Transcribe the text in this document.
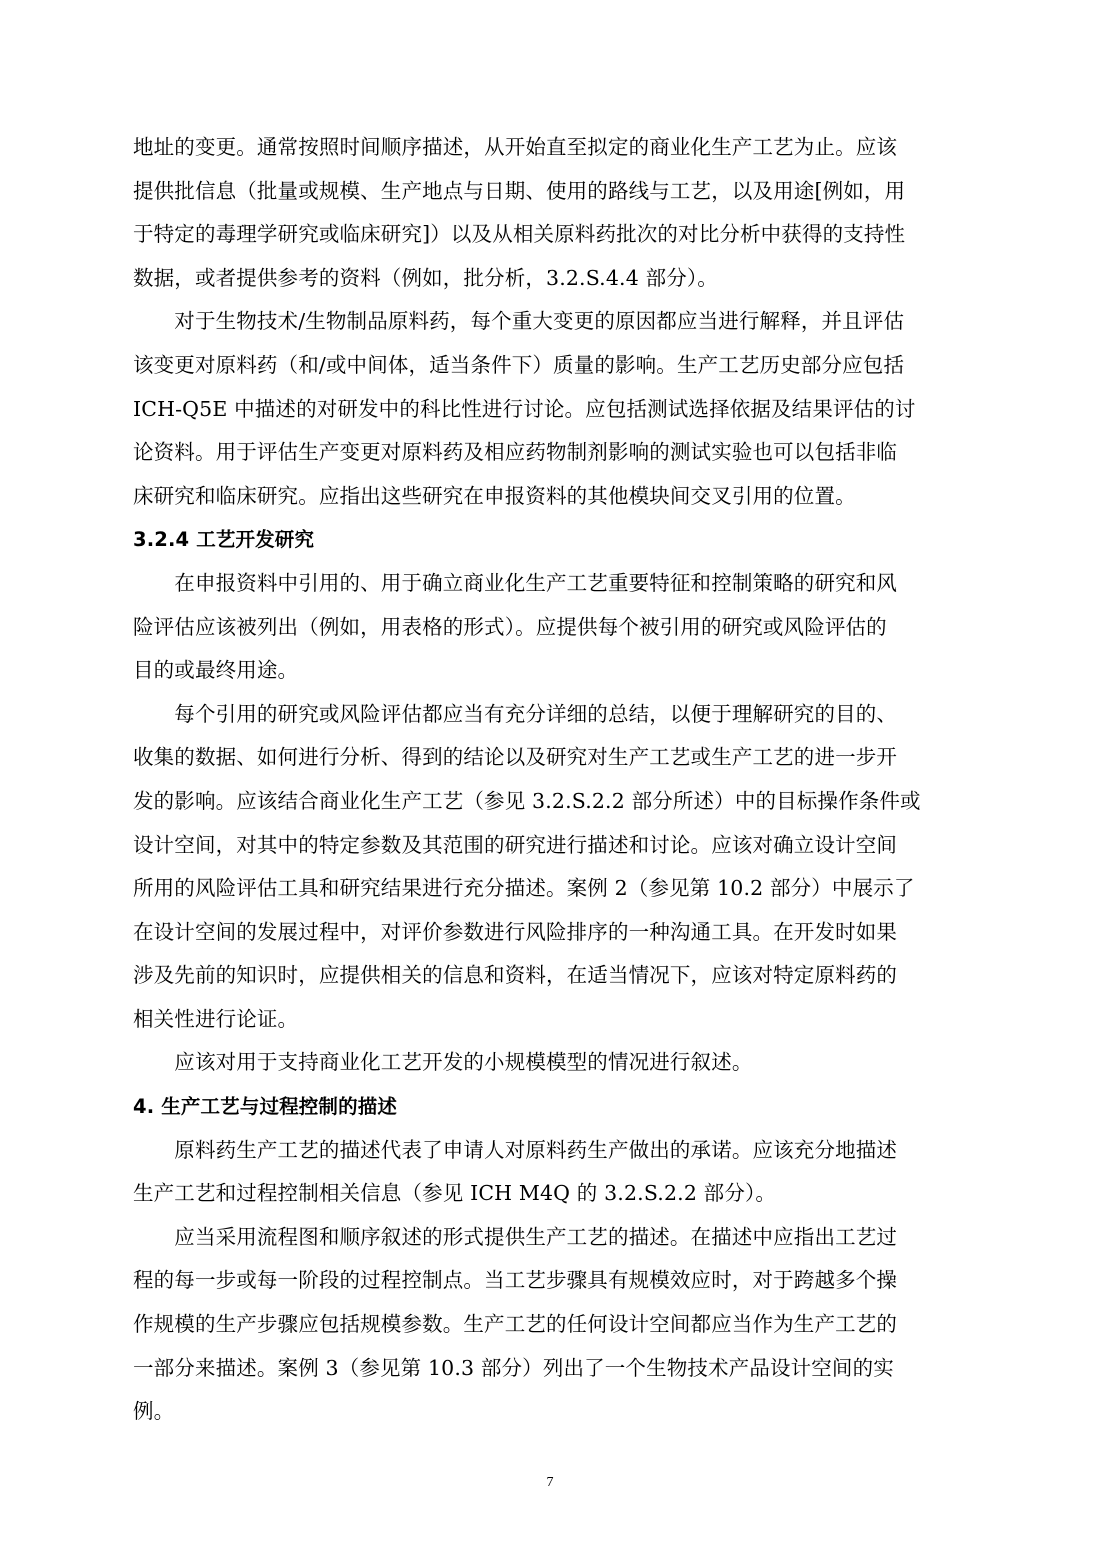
地址的变更。通常按照时间顺序描述，从开始直至拟定的商业化生产工艺为止。应该
提供批信息（批量或规模、生产地点与日期、使用的路线与工艺，以及用途[例如，用
于特定的毒理学研究或临床研究]）以及从相关原料药批次的对比分析中获得的支持性
数据，或者提供参考的资料（例如，批分析，3.2.S.4.4 部分）。
　　对于生物技术/生物制品原料药，每个重大变更的原因都应当进行解释，并且评估
该变更对原料药（和/或中间体，适当条件下）质量的影响。生产工艺历史部分应包括
ICH-Q5E 中描述的对研发中的科比性进行讨论。应包括测试选择依据及结果评估的讨
论资料。用于评估生产变更对原料药及相应药物制剂影响的测试实验也可以包括非临
床研究和临床研究。应指出这些研究在申报资料的其他模块间交叉引用的位置。
3.2.4 工艺开发研究
　　在申报资料中引用的、用于确立商业化生产工艺重要特征和控制策略的研究和风
险评估应该被列出（例如，用表格的形式）。应提供每个被引用的研究或风险评估的
目的或最终用途。
　　每个引用的研究或风险评估都应当有充分详细的总结，以便于理解研究的目的、
收集的数据、如何进行分析、得到的结论以及研究对生产工艺或生产工艺的进一步开
发的影响。应该结合商业化生产工艺（参见 3.2.S.2.2 部分所述）中的目标操作条件或
设计空间，对其中的特定参数及其范围的研究进行描述和讨论。应该对确立设计空间
所用的风险评估工具和研究结果进行充分描述。案例 2（参见第 10.2 部分）中展示了
在设计空间的发展过程中，对评价参数进行风险排序的一种沟通工具。在开发时如果
涉及先前的知识时，应提供相关的信息和资料，在适当情况下，应该对特定原料药的
相关性进行论证。
　　应该对用于支持商业化工艺开发的小规模模型的情况进行叙述。
4. 生产工艺与过程控制的描述
　　原料药生产工艺的描述代表了申请人对原料药生产做出的承诺。应该充分地描述
生产工艺和过程控制相关信息（参见 ICH M4Q 的 3.2.S.2.2 部分）。
　　应当采用流程图和顺序叙述的形式提供生产工艺的描述。在描述中应指出工艺过
程的每一步或每一阶段的过程控制点。当工艺步骤具有规模效应时，对于跨越多个操
作规模的生产步骤应包括规模参数。生产工艺的任何设计空间都应当作为生产工艺的
一部分来描述。案例 3（参见第 10.3 部分）列出了一个生物技术产品设计空间的实
例。
7
